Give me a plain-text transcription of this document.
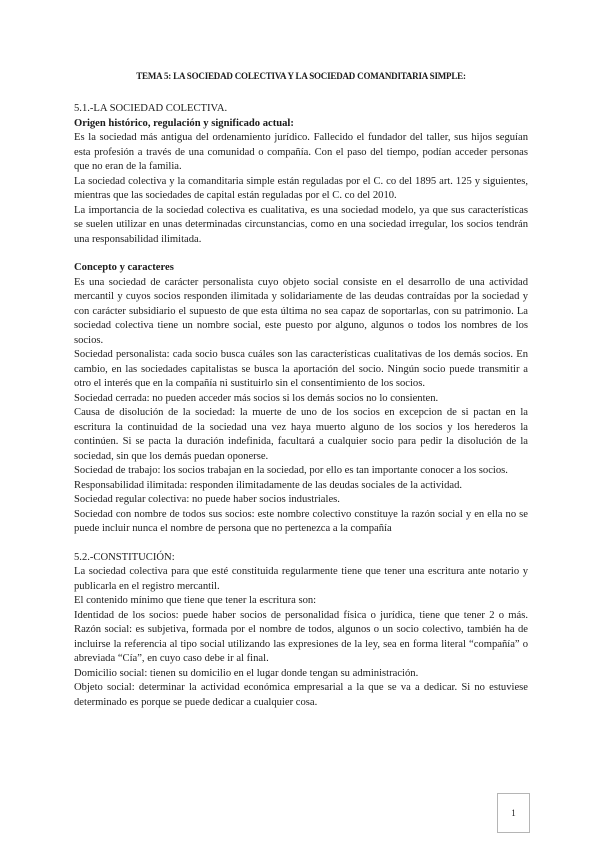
TEMA 5: LA SOCIEDAD COLECTIVA Y LA SOCIEDAD COMANDITARIA SIMPLE:
5.1.-LA SOCIEDAD COLECTIVA.
Origen histórico, regulación y significado actual:

Es la sociedad más antigua del ordenamiento jurídico. Fallecido el fundador del taller, sus hijos seguían esta profesión a través de una comunidad o compañía. Con el paso del tiempo, podían acceder personas que no eran de la familia.

La sociedad colectiva y la comanditaria simple están reguladas por el C. co del 1895 art. 125 y siguientes, mientras que las sociedades de capital están reguladas por el C. co del 2010.

La importancia de la sociedad colectiva es cualitativa, es una sociedad modelo, ya que sus características se suelen utilizar en unas determinadas circunstancias, como en una sociedad irregular, los socios tendrán una responsabilidad ilimitada.

Concepto y caracteres

Es una sociedad de carácter personalista cuyo objeto social consiste en el desarrollo de una actividad mercantil y cuyos socios responden ilimitada y solidariamente de las deudas contraídas por la sociedad y con carácter subsidiario el supuesto de que esta última no sea capaz de soportarlas, con su patrimonio. La sociedad colectiva tiene un nombre social, este puesto por alguno, algunos o todos los nombres de los socios.

Sociedad personalista: cada socio busca cuáles son las características cualitativas de los demás socios. En cambio, en las sociedades capitalistas se busca la aportación del socio. Ningún socio puede transmitir a otro el interés que en la compañía ni sustituirlo sin el consentimiento de los socios.

Sociedad cerrada: no pueden acceder más socios si los demás socios no lo consienten.

Causa de disolución de la sociedad: la muerte de uno de los socios en excepcion de si pactan en la escritura la continuidad de la sociedad una vez haya muerto alguno de los socios y los herederos la continúen. Si se pacta la duración indefinida, facultará a cualquier socio para pedir la disolución de la sociedad, sin que los demás puedan oponerse.

Sociedad de trabajo: los socios trabajan en la sociedad, por ello es tan importante conocer a los socios.

Responsabilidad ilimitada: responden ilimitadamente de las deudas sociales de la actividad.

Sociedad regular colectiva: no puede haber socios industriales.

Sociedad con nombre de todos sus socios: este nombre colectivo constituye la razón social y en ella no se puede incluir nunca el nombre de persona que no pertenezca a la compañía

5.2.-CONSTITUCIÓN:

La sociedad colectiva para que esté constituida regularmente tiene que tener una escritura ante notario y publicarla en el registro mercantil.

El contenido mínimo que tiene que tener la escritura son:

Identidad de los socios: puede haber socios de personalidad física o jurídica, tiene que tener 2 o más. Razón social: es subjetiva, formada por el nombre de todos, algunos o un socio colectivo, también ha de incluirse la referencia al tipo social utilizando las expresiones de la ley, sea en forma literal “compañía” o abreviada “Cía”, en cuyo caso debe ir al final.

Domicilio social: tienen su domicilio en el lugar donde tengan su administración.

Objeto social: determinar la actividad económica empresarial a la que se va a dedicar. Si no estuviese determinado es porque se puede dedicar a cualquier cosa.

1
